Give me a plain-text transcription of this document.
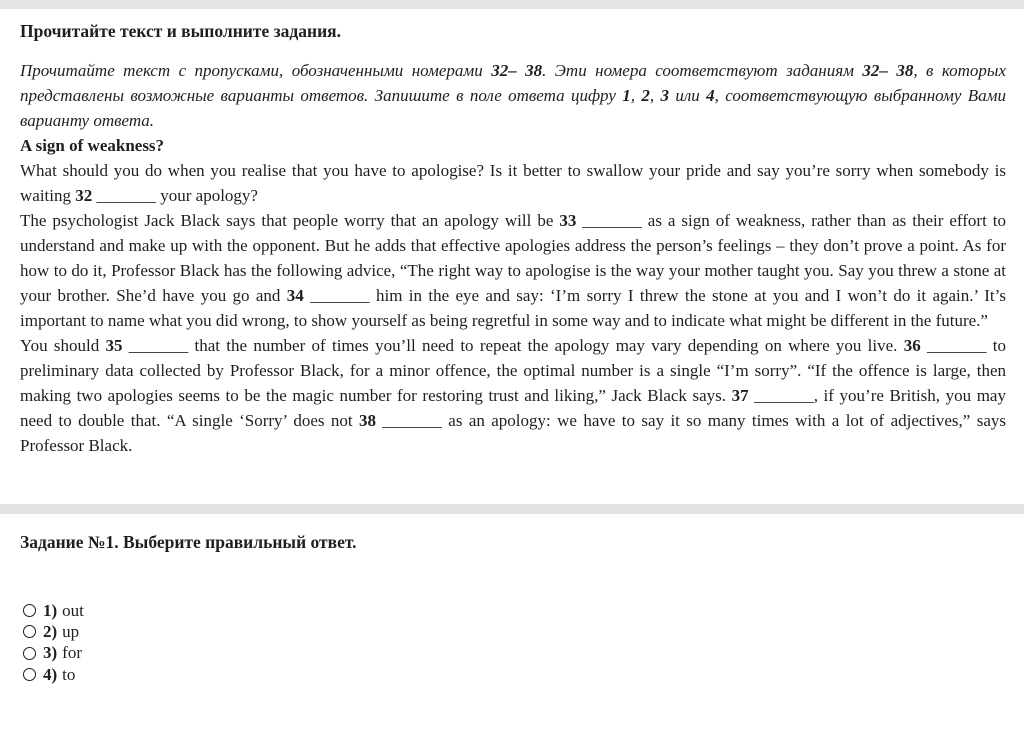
Прочитайте текст и выполните задания.

Прочитайте текст с пропусками, обозначенными номерами 32– 38. Эти номера соответствуют заданиям 32– 38, в которых представлены возможные варианты ответов. Запишите в поле ответа цифру 1, 2, 3 или 4, соответствующую выбранному Вами варианту ответа.

A sign of weakness?

What should you do when you realise that you have to apologise? Is it better to swallow your pride and say you’re sorry when somebody is waiting 32 _______ your apology?

The psychologist Jack Black says that people worry that an apology will be 33 _______ as a sign of weakness, rather than as their effort to understand and make up with the opponent. But he adds that effective apologies address the person’s feelings – they don’t prove a point. As for how to do it, Professor Black has the following advice, “The right way to apologise is the way your mother taught you. Say you threw a stone at your brother. She’d have you go and 34 _______ him in the eye and say: ‘I’m sorry I threw the stone at you and I won’t do it again.’ It’s important to name what you did wrong, to show yourself as being regretful in some way and to indicate what might be different in the future.”

You should 35 _______ that the number of times you’ll need to repeat the apology may vary depending on where you live. 36 _______ to preliminary data collected by Professor Black, for a minor offence, the optimal number is a single “I’m sorry”. “If the offence is large, then making two apologies seems to be the magic number for restoring trust and liking,” Jack Black says. 37 _______, if you’re British, you may need to double that. “A single ‘Sorry’ does not 38 _______ as an apology: we have to say it so many times with a lot of adjectives,” says Professor Black.

Задание №1. Выберите правильный ответ.
1) out
2) up
3) for
4) to
